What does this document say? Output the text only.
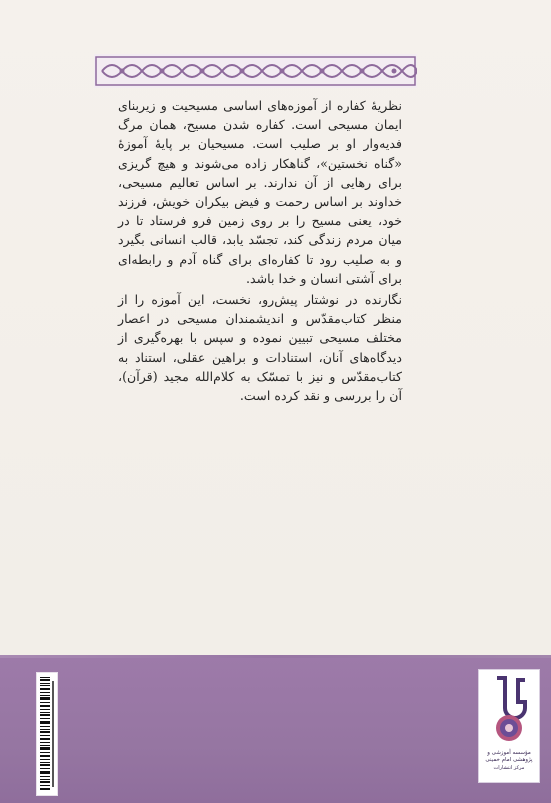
نظریهٔ کفاره از آموزه‌های اساسی مسیحیت و زیربنای ایمان مسیحی است. کفاره شدن مسیح، همان مرگ فدیه‌وار او بر صلیب است. مسیحیان بر پایهٔ آموزهٔ «گناه نخستین»، گناهکار زاده می‌شوند و هیچ گریزی برای رهایی از آن ندارند. بر اساس تعالیم مسیحی، خداوند بر اساس رحمت و فیض بیکران خویش، فرزند خود، یعنی مسیح را بر روی زمین فرو فرستاد تا در میان مردم زندگی کند، تجسّد یابد، قالب انسانی بگیرد و به صلیب رود تا کفاره‌ای برای گناه آدم و رابطه‌ای برای آشتی انسان و خدا باشد.

نگارنده در نوشتار پیش‌رو، نخست، این آموزه را از منظر کتاب‌مقدّس و اندیشمندان مسیحی در اعصار مختلف مسیحی تبیین نموده و سپس با بهره‌گیری از دیدگاه‌های آنان، استنادات و براهین عقلی، استناد به کتاب‌مقدّس و نیز با تمسّک به کلام‌الله مجید (قرآن)، آن را بررسی و نقد کرده است.

مؤسسه آموزشی و پژوهشی امام خمینی
مرکز انتشارات
